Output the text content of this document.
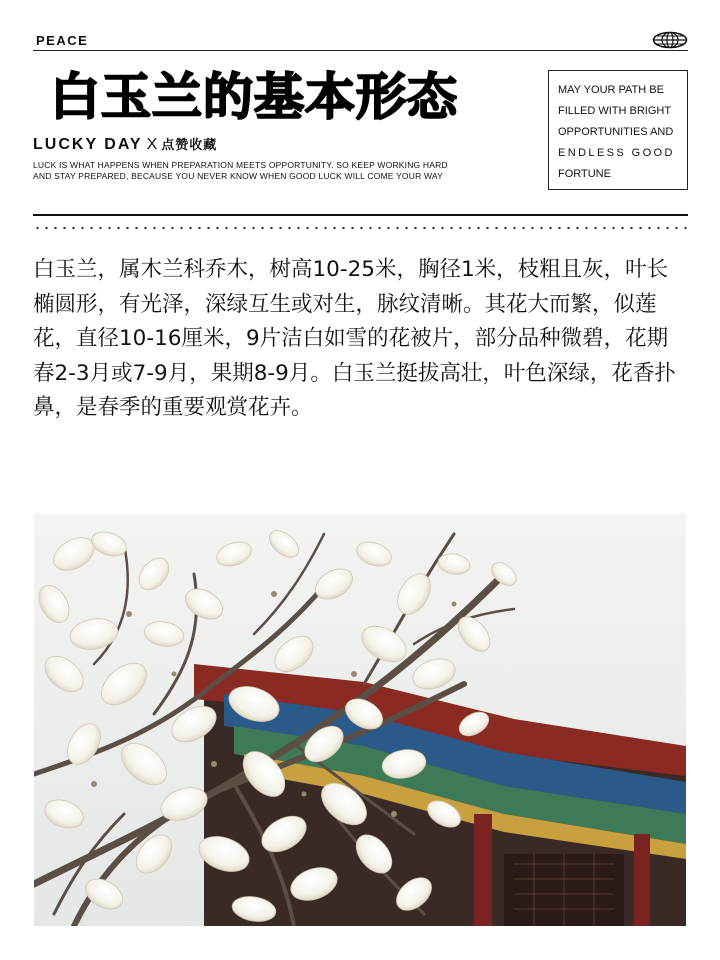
PEACE
白玉兰的基本形态
LUCKY DAY X 点赞收藏
LUCK IS WHAT HAPPENS WHEN PREPARATION MEETS OPPORTUNITY. SO KEEP WORKING HARD AND STAY PREPARED, BECAUSE YOU NEVER KNOW WHEN GOOD LUCK WILL COME YOUR WAY
MAY YOUR PATH BE
FILLED WITH BRIGHT
OPPORTUNITIES AND
ENDLESS GOOD
FORTUNE
白玉兰，属木兰科乔木，树高10-25米，胸径1米，枝粗且灰，叶长椭圆形，有光泽，深绿互生或对生，脉纹清晰。其花大而繁，似莲花，直径10-16厘米，9片洁白如雪的花被片，部分品种微碧，花期春2-3月或7-9月，果期8-9月。白玉兰挺拔高壮，叶色深绿，花香扑鼻，是春季的重要观赏花卉。
